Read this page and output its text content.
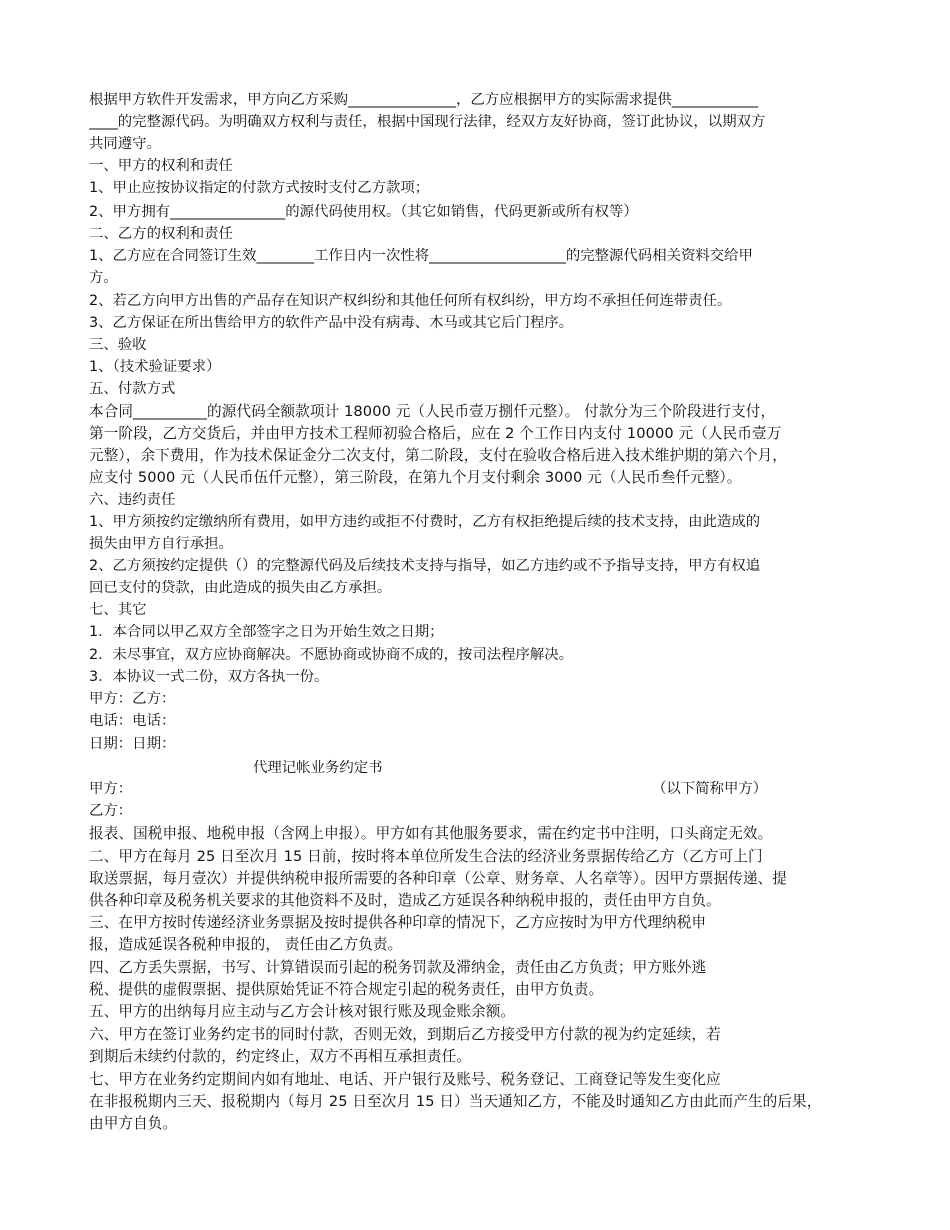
根据甲方软件开发需求，甲方向乙方采购_______________，乙方应根据甲方的实际需求提供____________
____的完整源代码。为明确双方权利与责任，根据中国现行法律，经双方友好协商，签订此协议，以期双方
共同遵守。
一、甲方的权利和责任
1、甲止应按协议指定的付款方式按时支付乙方款项；
2、甲方拥有________________的源代码使用权。（其它如销售，代码更新或所有权等）
二、乙方的权利和责任
1、乙方应在合同签订生效________工作日内一次性将___________________的完整源代码相关资料交给甲
方。
2、若乙方向甲方出售的产品存在知识产权纠纷和其他任何所有权纠纷，甲方均不承担任何连带责任。
3、乙方保证在所出售给甲方的软件产品中没有病毒、木马或其它后门程序。
三、验收
1、（技术验证要求）
五、付款方式
本合同__________的源代码全额款项计 18000 元（人民币壹万捌仟元整）。 付款分为三个阶段进行支付，
第一阶段，乙方交货后，并由甲方技术工程师初验合格后，应在 2 个工作日内支付 10000 元（人民币壹万
元整），余下费用，作为技术保证金分二次支付，第二阶段，支付在验收合格后进入技术维护期的第六个月，
应支付 5000 元（人民币伍仟元整），第三阶段，在第九个月支付剩余 3000 元（人民币叁仟元整）。
六、违约责任
1、甲方须按约定缴纳所有费用，如甲方违约或拒不付费时，乙方有权拒绝提后续的技术支持，由此造成的
损失由甲方自行承担。
2、乙方须按约定提供（）的完整源代码及后续技术支持与指导，如乙方违约或不予指导支持，甲方有权追
回已支付的贷款，由此造成的损失由乙方承担。
七、其它
1．本合同以甲乙双方全部签字之日为开始生效之日期；
2．未尽事宜，双方应协商解决。不愿协商或协商不成的，按司法程序解决。
3．本协议一式二份，双方各执一份。
甲方：乙方：
电话：电话：
日期：日期：
代理记帐业务约定书
甲方：	（以下简称甲方）
乙方：
报表、国税申报、地税申报（含网上申报）。甲方如有其他服务要求，需在约定书中注明，口头商定无效。
二、甲方在每月 25 日至次月 15 日前，按时将本单位所发生合法的经济业务票据传给乙方（乙方可上门
取送票据，每月壹次）并提供纳税申报所需要的各种印章（公章、财务章、人名章等）。因甲方票据传递、提
供各种印章及税务机关要求的其他资料不及时，造成乙方延误各种纳税申报的，责任由甲方自负。
三、在甲方按时传递经济业务票据及按时提供各种印章的情况下，乙方应按时为甲方代理纳税申
报，造成延误各税种申报的， 责任由乙方负责。
四、乙方丢失票据，书写、计算错误而引起的税务罚款及滞纳金，责任由乙方负责；甲方账外逃
税、提供的虚假票据、提供原始凭证不符合规定引起的税务责任，由甲方负责。
五、甲方的出纳每月应主动与乙方会计核对银行账及现金账余额。
六、甲方在签订业务约定书的同时付款，否则无效，到期后乙方接受甲方付款的视为约定延续，若
到期后未续约付款的，约定终止，双方不再相互承担责任。
七、甲方在业务约定期间内如有地址、电话、开户银行及账号、税务登记、工商登记等发生变化应
在非报税期内三天、报税期内（每月 25 日至次月 15 日）当天通知乙方，不能及时通知乙方由此而产生的后果，
由甲方自负。
